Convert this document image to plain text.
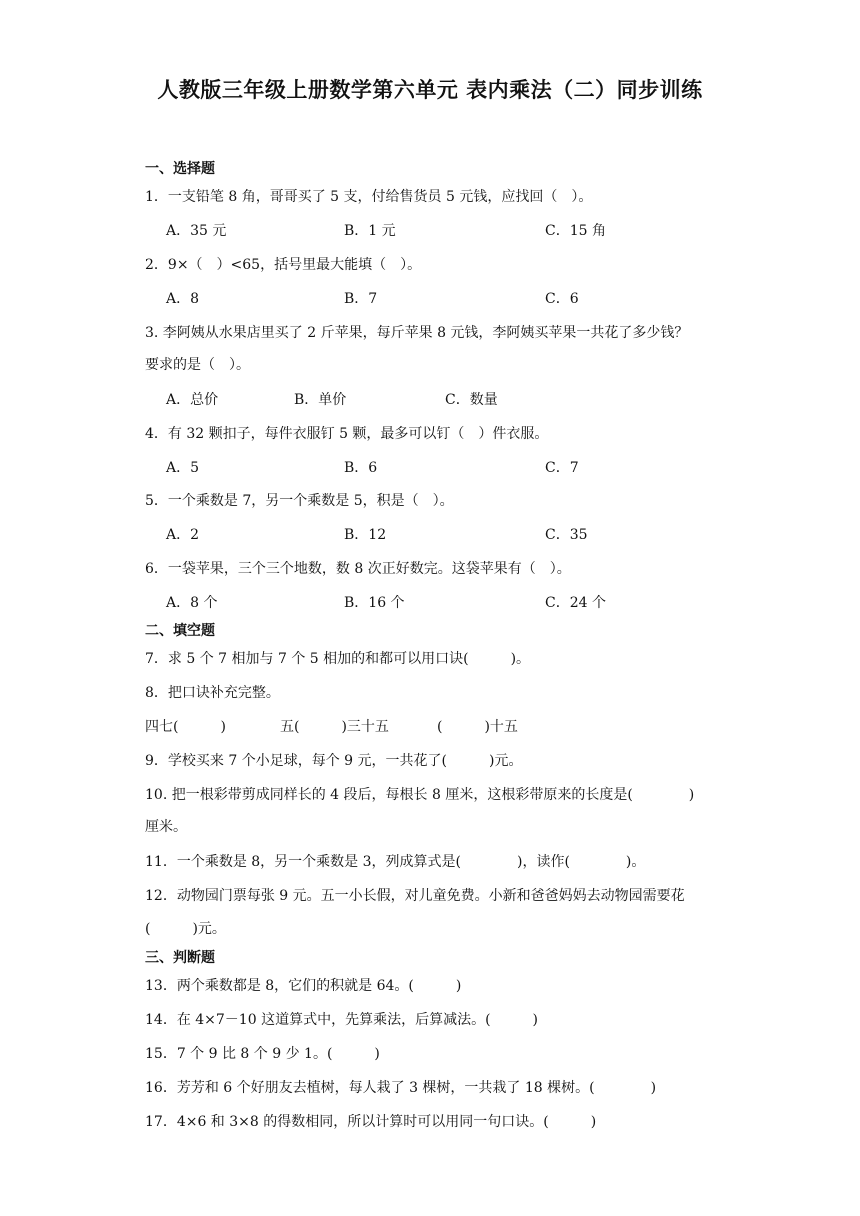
人教版三年级上册数学第六单元 表内乘法（二）同步训练
一、选择题
1．一支铅笔 8 角，哥哥买了 5 支，付给售货员 5 元钱，应找回（　）。
A．35 元	B．1 元	C．15 角
2．9×（　）<65，括号里最大能填（　）。
A．8	B．7	C．6
3. 李阿姨从水果店里买了 2 斤苹果，每斤苹果 8 元钱，李阿姨买苹果一共花了多少钱？
要求的是（　）。
A．总价	B．单价	C．数量
4．有 32 颗扣子，每件衣服钉 5 颗，最多可以钉（　）件衣服。
A．5	B．6	C．7
5．一个乘数是 7，另一个乘数是 5，积是（　）。
A．2	B．12	C．35
6．一袋苹果，三个三个地数，数 8 次正好数完。这袋苹果有（　）。
A．8 个	B．16 个	C．24 个
二、填空题
7．求 5 个 7 相加与 7 个 5 相加的和都可以用口诀(　　　)。
8．把口诀补充完整。
四七(　　　)	五(　　　)三十五	(　　　)十五
9．学校买来 7 个小足球，每个 9 元，一共花了(　　　)元。
10. 把一根彩带剪成同样长的 4 段后，每根长 8 厘米，这根彩带原来的长度是(　　　　)
厘米。
11．一个乘数是 8，另一个乘数是 3，列成算式是(　　　　)，读作(　　　　)。
12．动物园门票每张 9 元。五一小长假，对儿童免费。小新和爸爸妈妈去动物园需要花
(　　　)元。
三、判断题
13．两个乘数都是 8，它们的积就是 64。(　　　)
14．在 4×7－10 这道算式中，先算乘法，后算减法。(　　　)
15．7 个 9 比 8 个 9 少 1。(　　　)
16．芳芳和 6 个好朋友去植树，每人栽了 3 棵树，一共栽了 18 棵树。(　　　　)
17．4×6 和 3×8 的得数相同，所以计算时可以用同一句口诀。(　　　)
